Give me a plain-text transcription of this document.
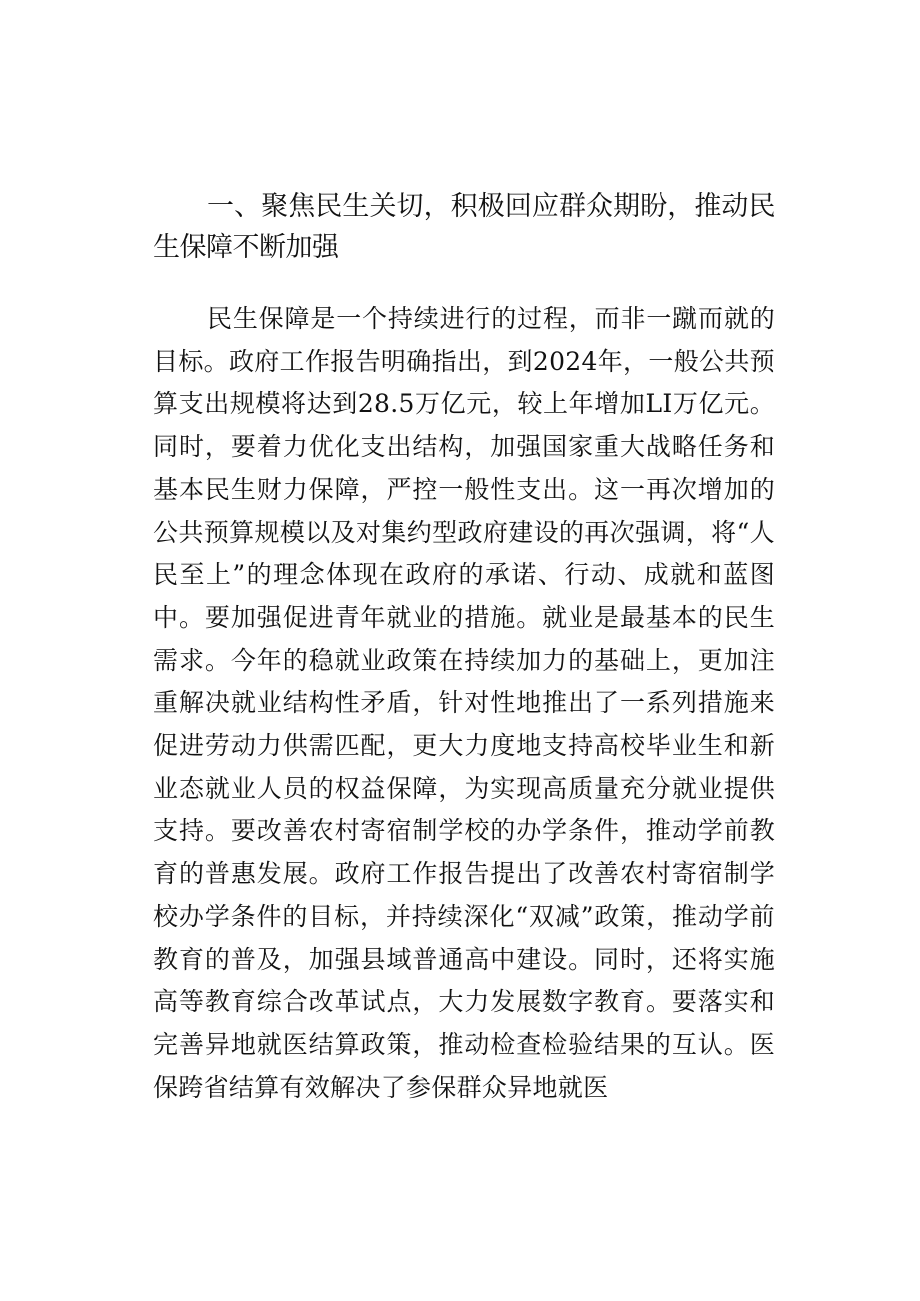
一、聚焦民生关切，积极回应群众期盼，推动民生保障不断加强

民生保障是一个持续进行的过程，而非一蹴而就的目标。政府工作报告明确指出，到2024年，一般公共预算支出规模将达到28.5万亿元，较上年增加LI万亿元。同时，要着力优化支出结构，加强国家重大战略任务和基本民生财力保障，严控一般性支出。这一再次增加的公共预算规模以及对集约型政府建设的再次强调，将“人民至上”的理念体现在政府的承诺、行动、成就和蓝图中。要加强促进青年就业的措施。就业是最基本的民生需求。今年的稳就业政策在持续加力的基础上，更加注重解决就业结构性矛盾，针对性地推出了一系列措施来促进劳动力供需匹配，更大力度地支持高校毕业生和新业态就业人员的权益保障，为实现高质量充分就业提供支持。要改善农村寄宿制学校的办学条件，推动学前教育的普惠发展。政府工作报告提出了改善农村寄宿制学校办学条件的目标，并持续深化“双减”政策，推动学前教育的普及，加强县域普通高中建设。同时，还将实施高等教育综合改革试点，大力发展数字教育。要落实和完善异地就医结算政策，推动检查检验结果的互认。医保跨省结算有效解决了参保群众异地就医
